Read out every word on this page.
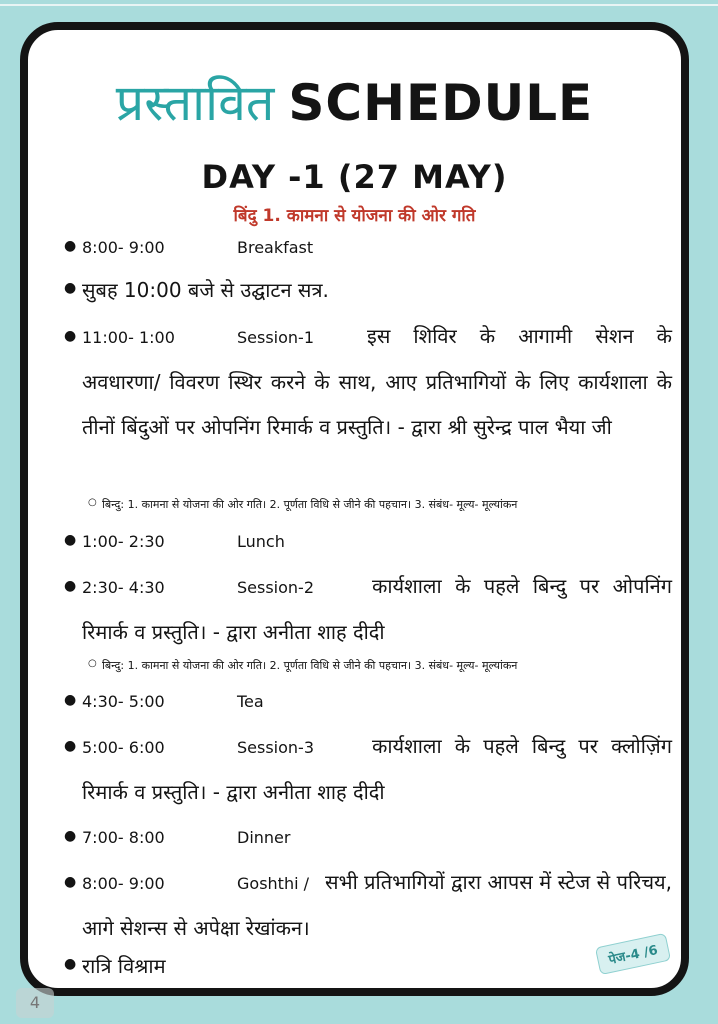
प्रस्तावित SCHEDULE
DAY -1 (27 MAY)
बिंदु 1. कामना से योजना की ओर गति
● 8:00- 9:00	Breakfast
● सुबह 10:00 बजे से उद्घाटन सत्र.
● 11:00- 1:00	Session-1	इस शिविर के आगामी सेशन के अवधारणा/ विवरण स्थिर करने के साथ, आए प्रतिभागियों के लिए कार्यशाला के तीनों बिंदुओं पर ओपनिंग रिमार्क व प्रस्तुति। - द्वारा श्री सुरेन्द्र पाल भैया जी
○ बिन्दु: 1. कामना से योजना की ओर गति। 2. पूर्णता विधि से जीने की पहचान। 3. संबंध- मूल्य- मूल्यांकन
● 1:00- 2:30	Lunch
● 2:30- 4:30	Session-2	कार्यशाला के पहले बिन्दु पर ओपनिंग रिमार्क व प्रस्तुति। - द्वारा अनीता शाह दीदी
○ बिन्दु: 1. कामना से योजना की ओर गति। 2. पूर्णता विधि से जीने की पहचान। 3. संबंध- मूल्य- मूल्यांकन
● 4:30- 5:00	Tea
● 5:00- 6:00	Session-3	कार्यशाला के पहले बिन्दु पर क्लोज़िंग रिमार्क व प्रस्तुति। - द्वारा अनीता शाह दीदी
● 7:00- 8:00	Dinner
● 8:00- 9:00	Goshthi / सभी प्रतिभागियों द्वारा आपस में स्टेज से परिचय, आगे सेशन्स से अपेक्षा रेखांकन।
● रात्रि विश्राम	पेज-4 /6
4
